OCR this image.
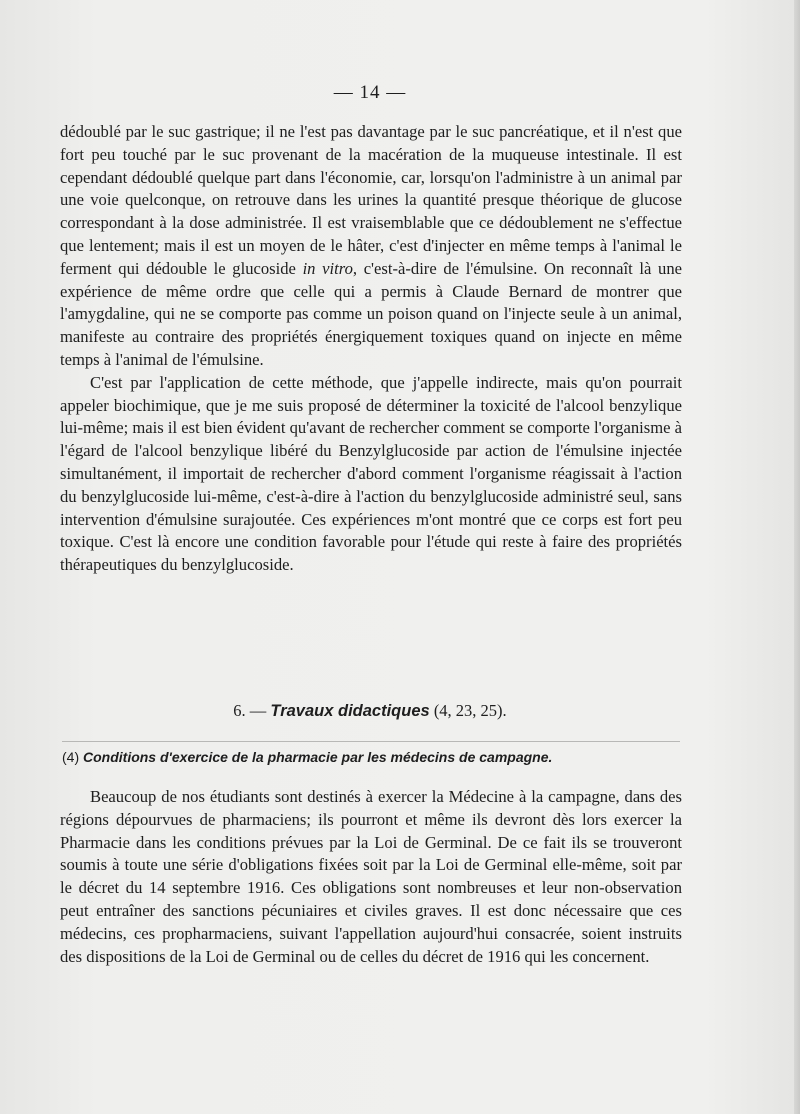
— 14 —

dédoublé par le suc gastrique; il ne l'est pas davantage par le suc pancréatique, et il n'est que fort peu touché par le suc provenant de la macération de la muqueuse intestinale. Il est cependant dédoublé quelque part dans l'économie, car, lorsqu'on l'administre à un animal par une voie quelconque, on retrouve dans les urines la quantité presque théorique de glucose correspondant à la dose administrée. Il est vraisemblable que ce dédoublement ne s'effectue que lentement; mais il est un moyen de le hâter, c'est d'injecter en même temps à l'animal le ferment qui dédouble le glucoside in vitro, c'est-à-dire de l'émulsine. On reconnaît là une expérience de même ordre que celle qui a permis à Claude Bernard de montrer que l'amygdaline, qui ne se comporte pas comme un poison quand on l'injecte seule à un animal, manifeste au contraire des propriétés énergiquement toxiques quand on injecte en même temps à l'animal de l'émulsine.

C'est par l'application de cette méthode, que j'appelle indirecte, mais qu'on pourrait appeler biochimique, que je me suis proposé de déterminer la toxicité de l'alcool benzylique lui-même; mais il est bien évident qu'avant de rechercher comment se comporte l'organisme à l'égard de l'alcool benzylique libéré du Benzylglucoside par action de l'émulsine injectée simultanément, il importait de rechercher d'abord comment l'organisme réagissait à l'action du benzylglucoside lui-même, c'est-à-dire à l'action du benzylglucoside administré seul, sans intervention d'émulsine surajoutée. Ces expériences m'ont montré que ce corps est fort peu toxique. C'est là encore une condition favorable pour l'étude qui reste à faire des propriétés thérapeutiques du benzylglucoside.

6. — Travaux didactiques (4, 23, 25).
(4) Conditions d'exercice de la pharmacie par les médecins de campagne.

Beaucoup de nos étudiants sont destinés à exercer la Médecine à la campagne, dans des régions dépourvues de pharmaciens; ils pourront et même ils devront dès lors exercer la Pharmacie dans les conditions prévues par la Loi de Germinal. De ce fait ils se trouveront soumis à toute une série d'obligations fixées soit par la Loi de Germinal elle-même, soit par le décret du 14 septembre 1916. Ces obligations sont nombreuses et leur non-observation peut entraîner des sanctions pécuniaires et civiles graves. Il est donc nécessaire que ces médecins, ces propharmaciens, suivant l'appellation aujourd'hui consacrée, soient instruits des dispositions de la Loi de Germinal ou de celles du décret de 1916 qui les concernent.
